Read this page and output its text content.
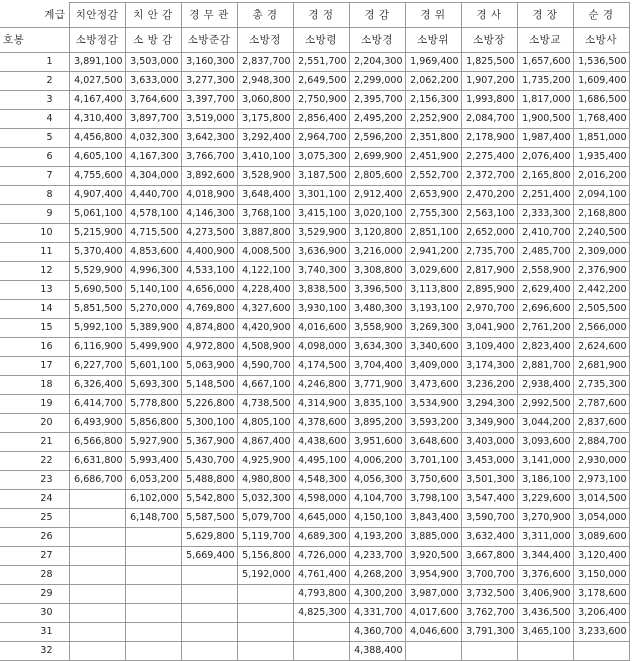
계급	치안정감	치 안 감	경 무 관	총 경	경 정	경 감	경 위	경 사	경 장	순 경
호봉	소방정감	소 방 감	소방준감	소방정	소방령	소방경	소방위	소방장	소방교	소방사
1	3,891,100	3,503,000	3,160,300	2,837,700	2,551,700	2,204,300	1,969,400	1,825,500	1,657,600	1,536,500
2	4,027,500	3,633,000	3,277,300	2,948,300	2,649,500	2,299,000	2,062,200	1,907,200	1,735,200	1,609,400
3	4,167,400	3,764,600	3,397,700	3,060,800	2,750,900	2,395,700	2,156,300	1,993,800	1,817,000	1,686,500
4	4,310,400	3,897,700	3,519,000	3,175,800	2,856,400	2,495,200	2,252,900	2,084,700	1,900,500	1,768,400
5	4,456,800	4,032,300	3,642,300	3,292,400	2,964,700	2,596,200	2,351,800	2,178,900	1,987,400	1,851,000
6	4,605,100	4,167,300	3,766,700	3,410,100	3,075,300	2,699,900	2,451,900	2,275,400	2,076,400	1,935,400
7	4,755,600	4,304,000	3,892,600	3,528,900	3,187,500	2,805,600	2,552,700	2,372,700	2,165,800	2,016,200
8	4,907,400	4,440,700	4,018,900	3,648,400	3,301,100	2,912,400	2,653,900	2,470,200	2,251,400	2,094,100
9	5,061,100	4,578,100	4,146,300	3,768,100	3,415,100	3,020,100	2,755,300	2,563,100	2,333,300	2,168,800
10	5,215,900	4,715,500	4,273,500	3,887,800	3,529,900	3,120,800	2,851,100	2,652,000	2,410,700	2,240,500
11	5,370,400	4,853,600	4,400,900	4,008,500	3,636,900	3,216,000	2,941,200	2,735,700	2,485,700	2,309,000
12	5,529,900	4,996,300	4,533,100	4,122,100	3,740,300	3,308,800	3,029,600	2,817,900	2,558,900	2,376,900
13	5,690,500	5,140,100	4,656,000	4,228,400	3,838,500	3,396,500	3,113,800	2,895,900	2,629,400	2,442,200
14	5,851,500	5,270,000	4,769,800	4,327,600	3,930,100	3,480,300	3,193,100	2,970,700	2,696,600	2,505,500
15	5,992,100	5,389,900	4,874,800	4,420,900	4,016,600	3,558,900	3,269,300	3,041,900	2,761,200	2,566,000
16	6,116,900	5,499,900	4,972,800	4,508,900	4,098,000	3,634,300	3,340,600	3,109,400	2,823,400	2,624,600
17	6,227,700	5,601,100	5,063,900	4,590,700	4,174,500	3,704,400	3,409,000	3,174,300	2,881,700	2,681,900
18	6,326,400	5,693,300	5,148,500	4,667,100	4,246,800	3,771,900	3,473,600	3,236,200	2,938,400	2,735,300
19	6,414,700	5,778,800	5,226,800	4,738,500	4,314,900	3,835,100	3,534,900	3,294,300	2,992,500	2,787,600
20	6,493,900	5,856,800	5,300,100	4,805,100	4,378,600	3,895,200	3,593,200	3,349,900	3,044,200	2,837,600
21	6,566,800	5,927,900	5,367,900	4,867,400	4,438,600	3,951,600	3,648,600	3,403,000	3,093,600	2,884,700
22	6,631,800	5,993,400	5,430,700	4,925,900	4,495,100	4,006,200	3,701,100	3,453,000	3,141,000	2,930,000
23	6,686,700	6,053,200	5,488,800	4,980,800	4,548,300	4,056,300	3,750,600	3,501,300	3,186,100	2,973,100
24		6,102,000	5,542,800	5,032,300	4,598,000	4,104,700	3,798,100	3,547,400	3,229,600	3,014,500
25		6,148,700	5,587,500	5,079,700	4,645,000	4,150,100	3,843,400	3,590,700	3,270,900	3,054,000
26			5,629,800	5,119,700	4,689,300	4,193,200	3,885,000	3,632,400	3,311,000	3,089,600
27			5,669,400	5,156,800	4,726,000	4,233,700	3,920,500	3,667,800	3,344,400	3,120,400
28				5,192,000	4,761,400	4,268,200	3,954,900	3,700,700	3,376,600	3,150,000
29					4,793,800	4,300,200	3,987,000	3,732,500	3,406,900	3,178,600
30					4,825,300	4,331,700	4,017,600	3,762,700	3,436,500	3,206,400
31						4,360,700	4,046,600	3,791,300	3,465,100	3,233,600
32						4,388,400				
